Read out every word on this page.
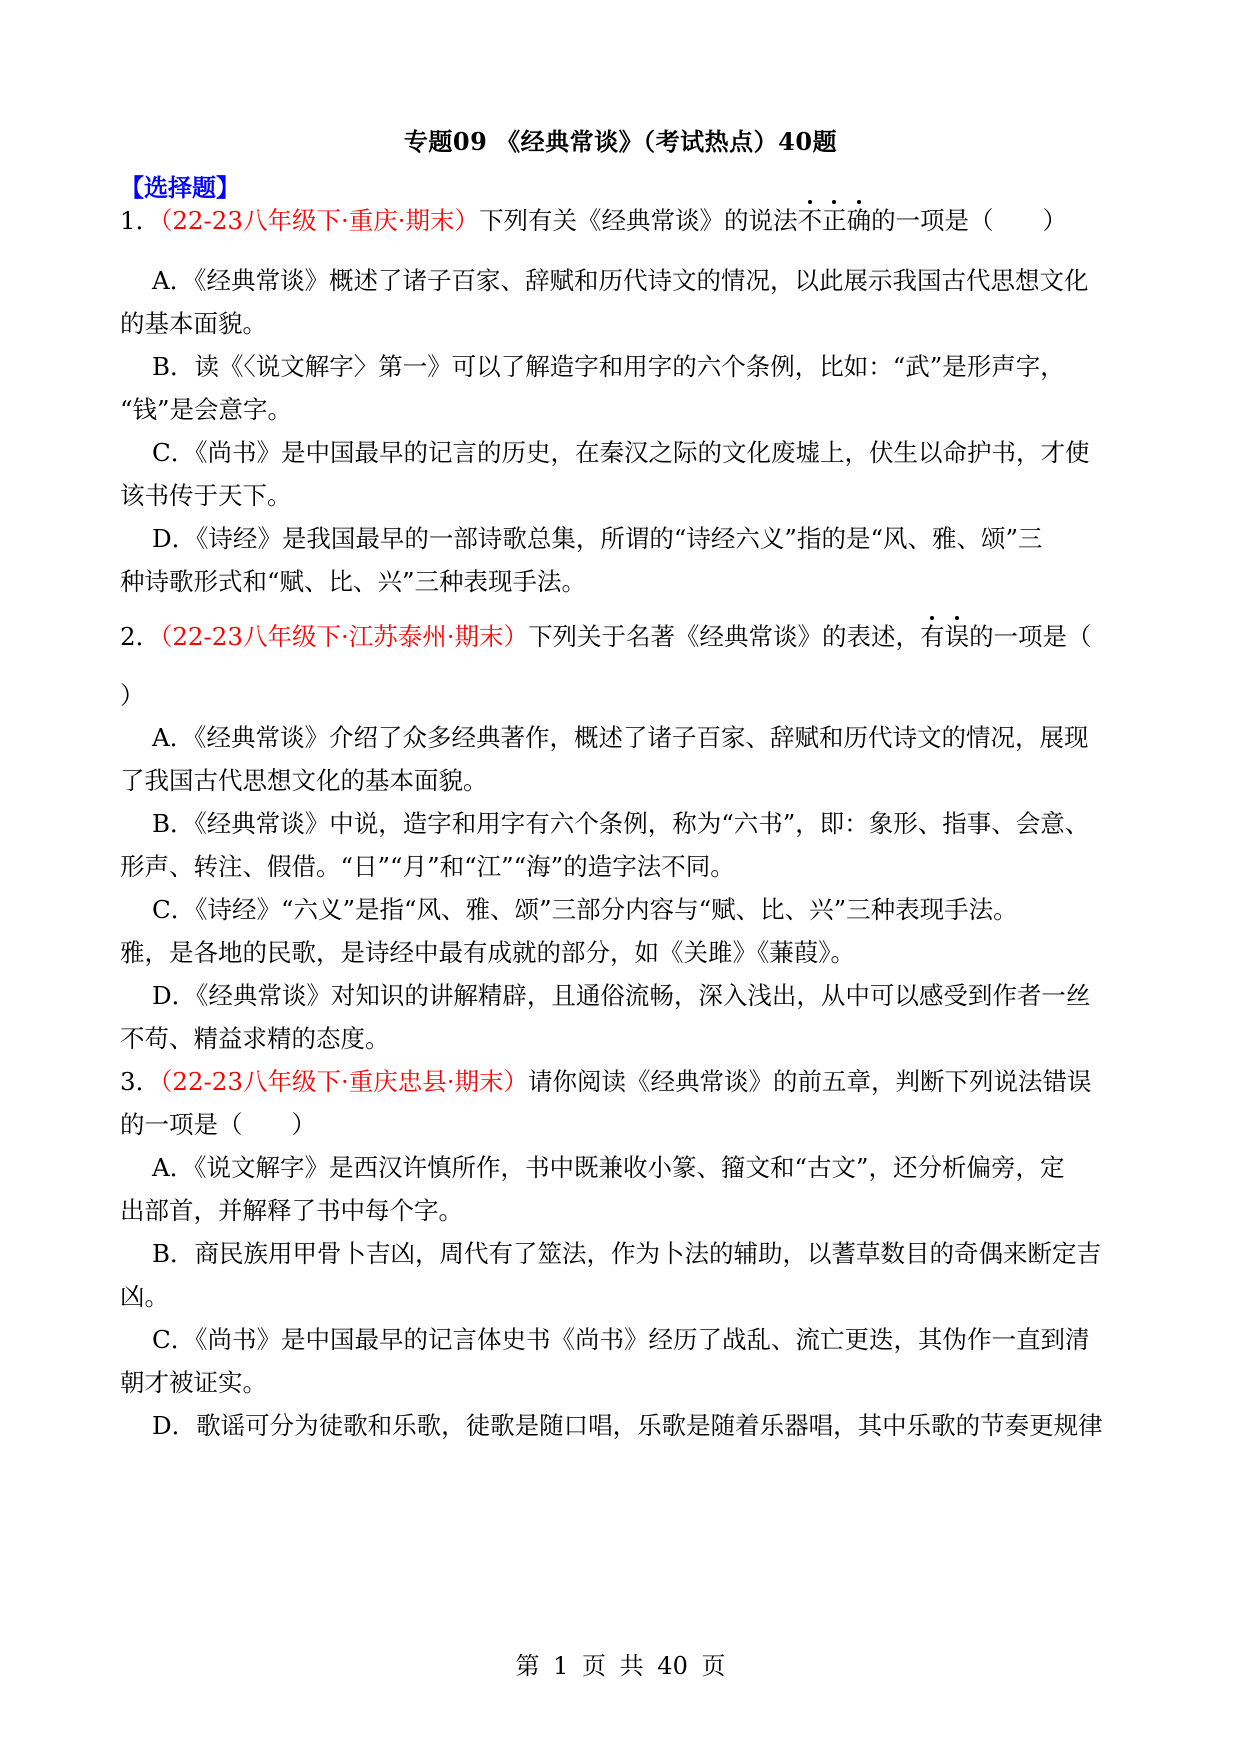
专题09 《经典常谈》（考试热点）40题
【选择题】
1．（22-23八年级下·重庆·期末）下列有关《经典常谈》的说法不正确的一项是（　　）
A．《经典常谈》概述了诸子百家、辞赋和历代诗文的情况，以此展示我国古代思想文化
的基本面貌。
B．读《〈说文解字〉第一》可以了解造字和用字的六个条例，比如：“武”是形声字，
“钱”是会意字。
C．《尚书》是中国最早的记言的历史，在秦汉之际的文化废墟上，伏生以命护书，才使
该书传于天下。
D．《诗经》是我国最早的一部诗歌总集，所谓的“诗经六义”指的是“风、雅、颂”三
种诗歌形式和“赋、比、兴”三种表现手法。
2．（22-23八年级下·江苏泰州·期末）下列关于名著《经典常谈》的表述，有误的一项是（
）
A．《经典常谈》介绍了众多经典著作，概述了诸子百家、辞赋和历代诗文的情况，展现
了我国古代思想文化的基本面貌。
B．《经典常谈》中说，造字和用字有六个条例，称为“六书”，即：象形、指事、会意、
形声、转注、假借。“日”“月”和“江”“海”的造字法不同。
C．《诗经》“六义”是指“风、雅、颂”三部分内容与“赋、比、兴”三种表现手法。
雅，是各地的民歌，是诗经中最有成就的部分，如《关雎》《蒹葭》。
D．《经典常谈》对知识的讲解精辟，且通俗流畅，深入浅出，从中可以感受到作者一丝
不苟、精益求精的态度。
3．（22-23八年级下·重庆忠县·期末）请你阅读《经典常谈》的前五章，判断下列说法错误
的一项是（　　）
A．《说文解字》是西汉许慎所作，书中既兼收小篆、籀文和“古文”，还分析偏旁，定
出部首，并解释了书中每个字。
B．商民族用甲骨卜吉凶，周代有了筮法，作为卜法的辅助，以蓍草数目的奇偶来断定吉
凶。
C．《尚书》是中国最早的记言体史书《尚书》经历了战乱、流亡更迭，其伪作一直到清
朝才被证实。
D．歌谣可分为徒歌和乐歌，徒歌是随口唱，乐歌是随着乐器唱，其中乐歌的节奏更规律
第 1 页 共 40 页
